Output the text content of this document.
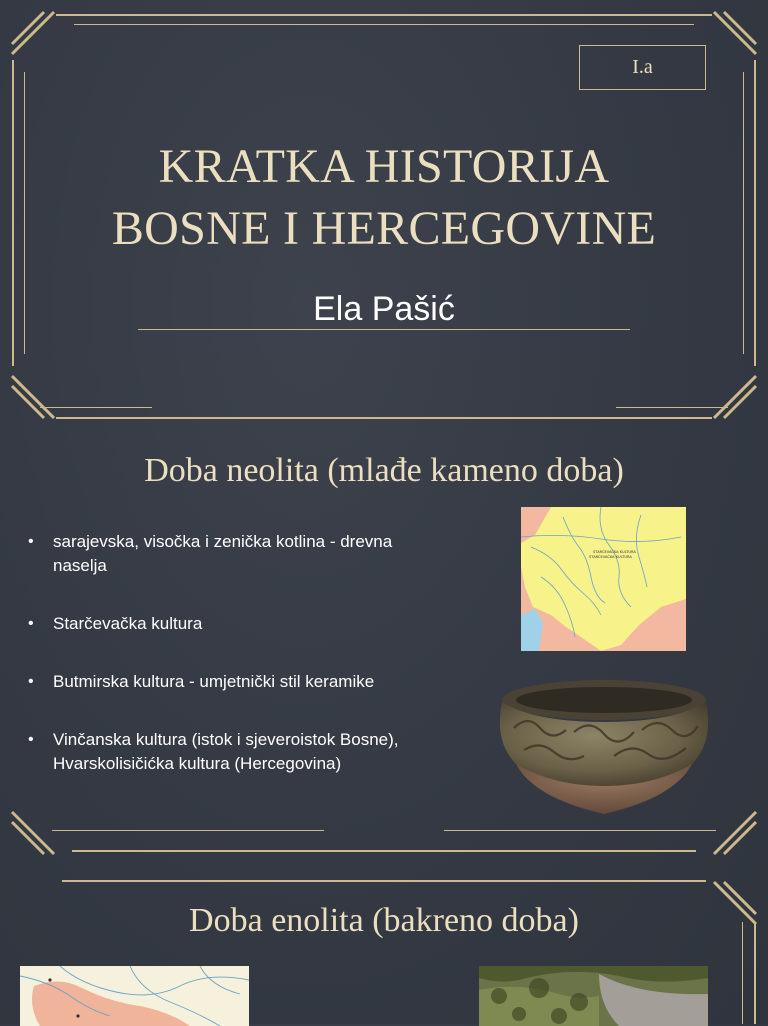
I.a
KRATKA HISTORIJA
BOSNE I HERCEGOVINE
Ela Pašić
Doba neolita (mlađe kameno doba)
• sarajevska, visočka i zenička kotlina - drevna
naselja
• Starčevačka kultura
• Butmirska kultura - umjetnički stil keramike
• Vinčanska kultura (istok i sjeveroistok Bosne),
Hvarskolisičićka kultura (Hercegovina)
STARČEVAČKA KULTURA
STARČEVAČKA KULTURA
Doba enolita (bakreno doba)
